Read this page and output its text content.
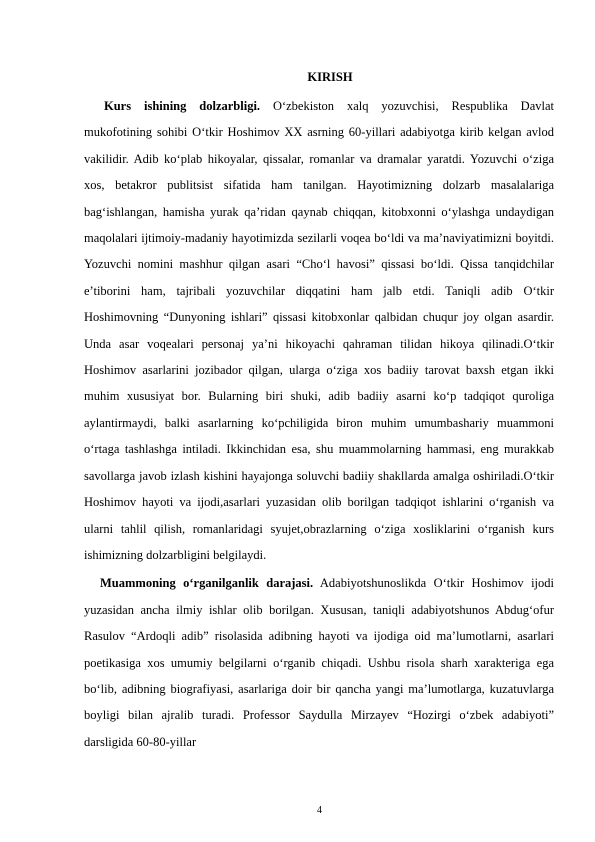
KIRISH

Kurs ishining dolzarbligi. O‘zbekiston xalq yozuvchisi, Respublika Davlat mukofotining sohibi O‘tkir Hoshimov XX asrning 60-yillari adabiyotga kirib kelgan avlod vakilidir. Adib ko‘plab hikoyalar, qissalar, romanlar va dramalar yaratdi. Yozuvchi o‘ziga xos, betakror publitsist sifatida ham tanilgan. Hayotimizning dolzarb masalalariga bag‘ishlangan, hamisha yurak qa’ridan qaynab chiqqan, kitobxonni o‘ylashga undaydigan maqolalari ijtimoiy-madaniy hayotimizda sezilarli voqea bo‘ldi va ma’naviyatimizni boyitdi. Yozuvchi nomini mashhur qilgan asari “Cho‘l havosi” qissasi bo‘ldi. Qissa tanqidchilar e’tiborini ham, tajribali yozuvchilar diqqatini ham jalb etdi. Taniqli adib O‘tkir Hoshimovning “Dunyoning ishlari” qissasi kitobxonlar qalbidan chuqur joy olgan asardir. Unda asar voqealari personaj ya’ni hikoyachi qahraman tilidan hikoya qilinadi.O‘tkir Hoshimov asarlarini jozibador qilgan, ularga o‘ziga xos badiiy tarovat baxsh etgan ikki muhim xususiyat bor. Bularning biri shuki, adib badiiy asarni ko‘p tadqiqot quroliga aylantirmaydi, balki asarlarning ko‘pchiligida biron muhim umumbashariy muammoni o‘rtaga tashlashga intiladi. Ikkinchidan esa, shu muammolarning hammasi, eng murakkab savollarga javob izlash kishini hayajonga soluvchi badiiy shakllarda amalga oshiriladi.O‘tkir Hoshimov hayoti va ijodi,asarlari yuzasidan olib borilgan tadqiqot ishlarini o‘rganish va ularni tahlil qilish, romanlaridagi syujet,obrazlarning o‘ziga xosliklarini o‘rganish kurs ishimizning dolzarbligini belgilaydi.

Muammoning o‘rganilganlik darajasi. Adabiyotshunoslikda O‘tkir Hoshimov ijodi yuzasidan ancha ilmiy ishlar olib borilgan. Xususan, taniqli adabiyotshunos Abdug‘ofur Rasulov “Ardoqli adib” risolasida adibning hayoti va ijodiga oid ma’lumotlarni, asarlari poetikasiga xos umumiy belgilarni o‘rganib chiqadi. Ushbu risola sharh xarakteriga ega bo‘lib, adibning biografiyasi, asarlariga doir bir qancha yangi ma’lumotlarga, kuzatuvlarga boyligi bilan ajralib turadi. Professor Saydulla Mirzayev “Hozirgi o‘zbek adabiyoti” darsligida 60-80-yillar

4
